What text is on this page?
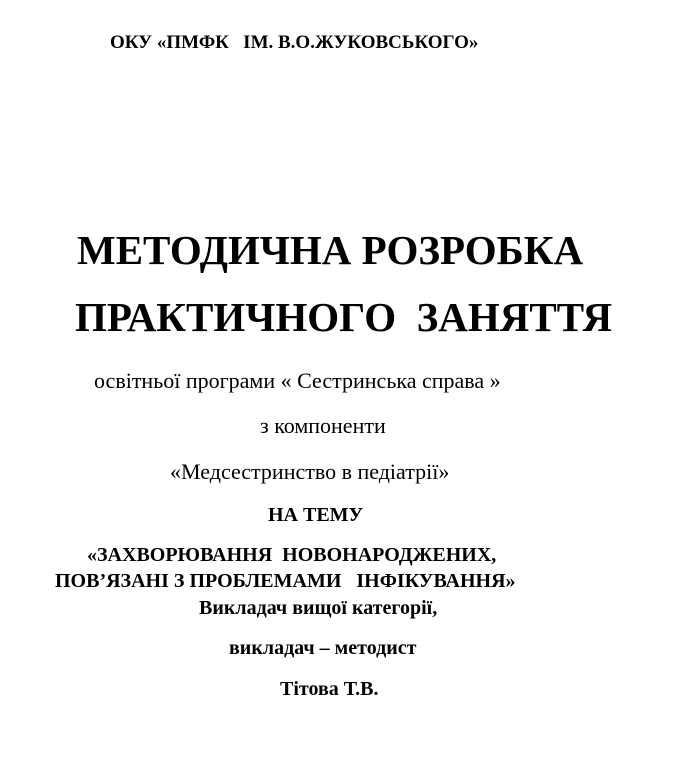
ОКУ «ПМФК   ІМ. В.О.ЖУКОВСЬКОГО»

МЕТОДИЧНА РОЗРОБКА

ПРАКТИЧНОГО  ЗАНЯТТЯ

освітньої програми « Сестринська справа »

з компоненти

«Медсестринство в педіатрії»

НА ТЕМУ

«ЗАХВОРЮВАННЯ  НОВОНАРОДЖЕНИХ,

ПОВ’ЯЗАНІ З ПРОБЛЕМАМИ   ІНФІКУВАННЯ»

Викладач вищої категорії,

викладач – методист

Тітова Т.В.
